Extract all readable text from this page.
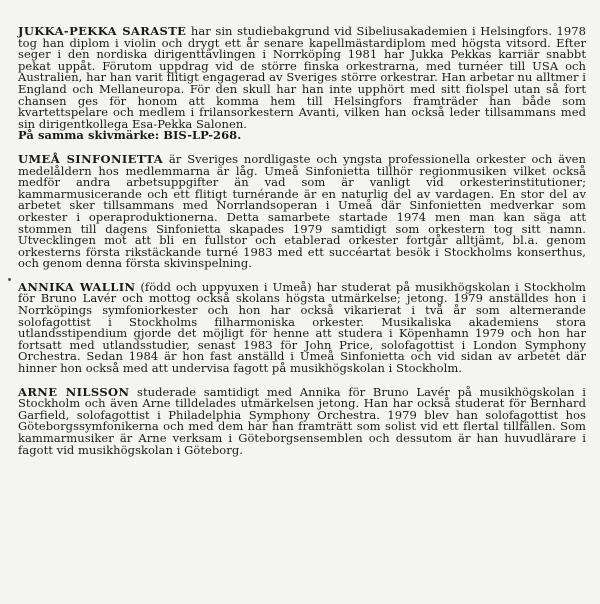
JUKKA-PEKKA SARASTE har sin studiebakgrund vid Sibeliusakademien i Helsingfors. 1978 tog han diplom i violin och drygt ett år senare kapellmästardiplom med högsta vitsord. Efter seger i den nordiska dirigenttävlingen i Norrköping 1981 har Jukka Pekkas karriär snabbt pekat uppåt. Förutom uppdrag vid de större finska orkestrarna, med turnéer till USA och Australien, har han varit flitigt engagerad av Sveriges större orkestrar. Han arbetar nu alltmer i England och Mellaneuropa. För den skull har han inte upphört med sitt fiolspel utan så fort chansen ges för honom att komma hem till Helsingfors framträder han både som kvartettspelare och medlem i frilansorkestern Avanti, vilken han också leder tillsammans med sin dirigentkollega Esa-Pekka Salonen.
På samma skivmärke: BIS-LP-268.

UMEÅ SINFONIETTA är Sveriges nordligaste och yngsta professionella orkester och även medelåldern hos medlemmarna är låg. Umeå Sinfonietta tillhör regionmusiken vilket också medför andra arbetsuppgifter än vad som är vanligt vid orkesterinstitutioner; kammarmusicerande och ett flitigt turnérande är en naturlig del av vardagen. En stor del av arbetet sker tillsammans med Norrlandsoperan i Umeå där Sinfonietten medverkar som orkester i operaproduktionerna. Detta samarbete startade 1974 men man kan säga att stommen till dagens Sinfonietta skapades 1979 samtidigt som orkestern tog sitt namn. Utvecklingen mot att bli en fullstor och etablerad orkester fortgår alltjämt, bl.a. genom orkesterns första rikstäckande turné 1983 med ett succéartat besök i Stockholms konserthus, och genom denna första skivinspelning.

ANNIKA WALLIN (född och uppvuxen i Umeå) har studerat på musikhögskolan i Stockholm för Bruno Lavér och mottog också skolans högsta utmärkelse; jetong. 1979 anställdes hon i Norrköpings symfoniorkester och hon har också vikarierat i två år som alternerande solofagottist i Stockholms filharmoniska orkester. Musikaliska akademiens stora utlandsstipendium gjorde det möjligt för henne att studera i Köpenhamn 1979 och hon har fortsatt med utlandsstudier, senast 1983 för John Price, solofagottist i London Symphony Orchestra. Sedan 1984 är hon fast anställd i Umeå Sinfonietta och vid sidan av arbetet där hinner hon också med att undervisa fagott på musikhögskolan i Stockholm.

ARNE NILSSON studerade samtidigt med Annika för Bruno Lavér på musikhögskolan i Stockholm och även Arne tilldelades utmärkelsen jetong. Han har också studerat för Bernhard Garfield, solofagottist i Philadelphia Symphony Orchestra. 1979 blev han solofagottist hos Göteborgssymfonikerna och med dem har han framträtt som solist vid ett flertal tillfällen. Som kammarmusiker är Arne verksam i Göteborgsensemblen och dessutom är han huvudlärare i fagott vid musikhögskolan i Göteborg.
